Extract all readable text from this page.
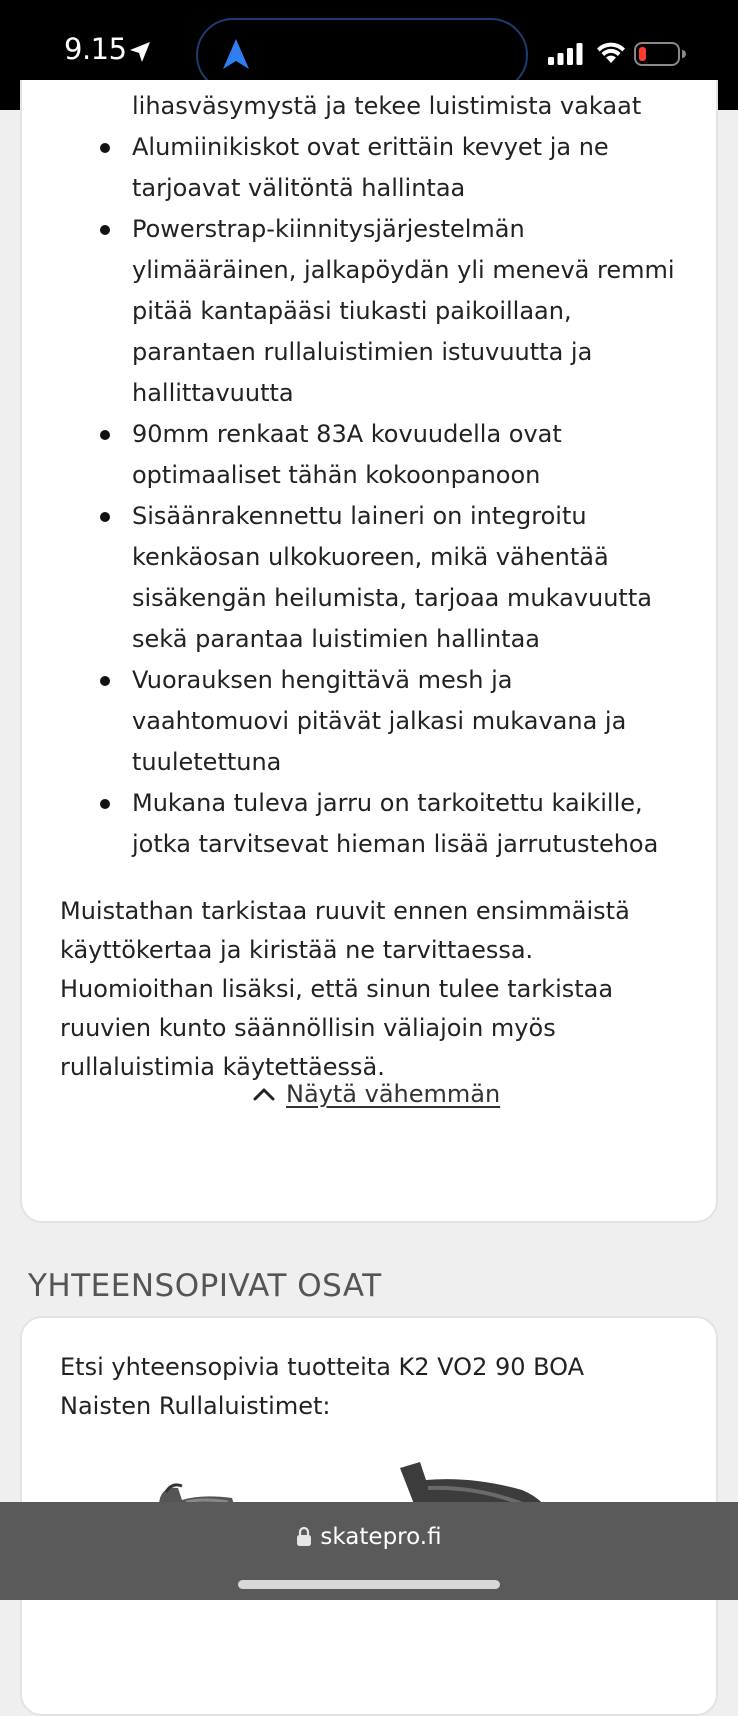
9.15
lihasväsymystä ja tekee luistimista vakaat
Alumiinikiskot ovat erittäin kevyet ja ne
tarjoavat välitöntä hallintaa
Powerstrap-kiinnitysjärjestelmän
ylimääräinen, jalkapöydän yli menevä remmi
pitää kantapääsi tiukasti paikoillaan,
parantaen rullaluistimien istuvuutta ja
hallittavuutta
90mm renkaat 83A kovuudella ovat
optimaaliset tähän kokoonpanoon
Sisäänrakennettu laineri on integroitu
kenkäosan ulkokuoreen, mikä vähentää
sisäkengän heilumista, tarjoaa mukavuutta
sekä parantaa luistimien hallintaa
Vuorauksen hengittävä mesh ja
vaahtomuovi pitävät jalkasi mukavana ja
tuuletettuna
Mukana tuleva jarru on tarkoitettu kaikille,
jotka tarvitsevat hieman lisää jarrutustehoa
Muistathan tarkistaa ruuvit ennen ensimmäistä
käyttökertaa ja kiristää ne tarvittaessa.
Huomioithan lisäksi, että sinun tulee tarkistaa
ruuvien kunto säännöllisin väliajoin myös
rullaluistimia käytettäessä.
Näytä vähemmän
YHTEENSOPIVAT OSAT
Etsi yhteensopivia tuotteita K2 VO2 90 BOA
Naisten Rullaluistimet:
skatepro.fi
